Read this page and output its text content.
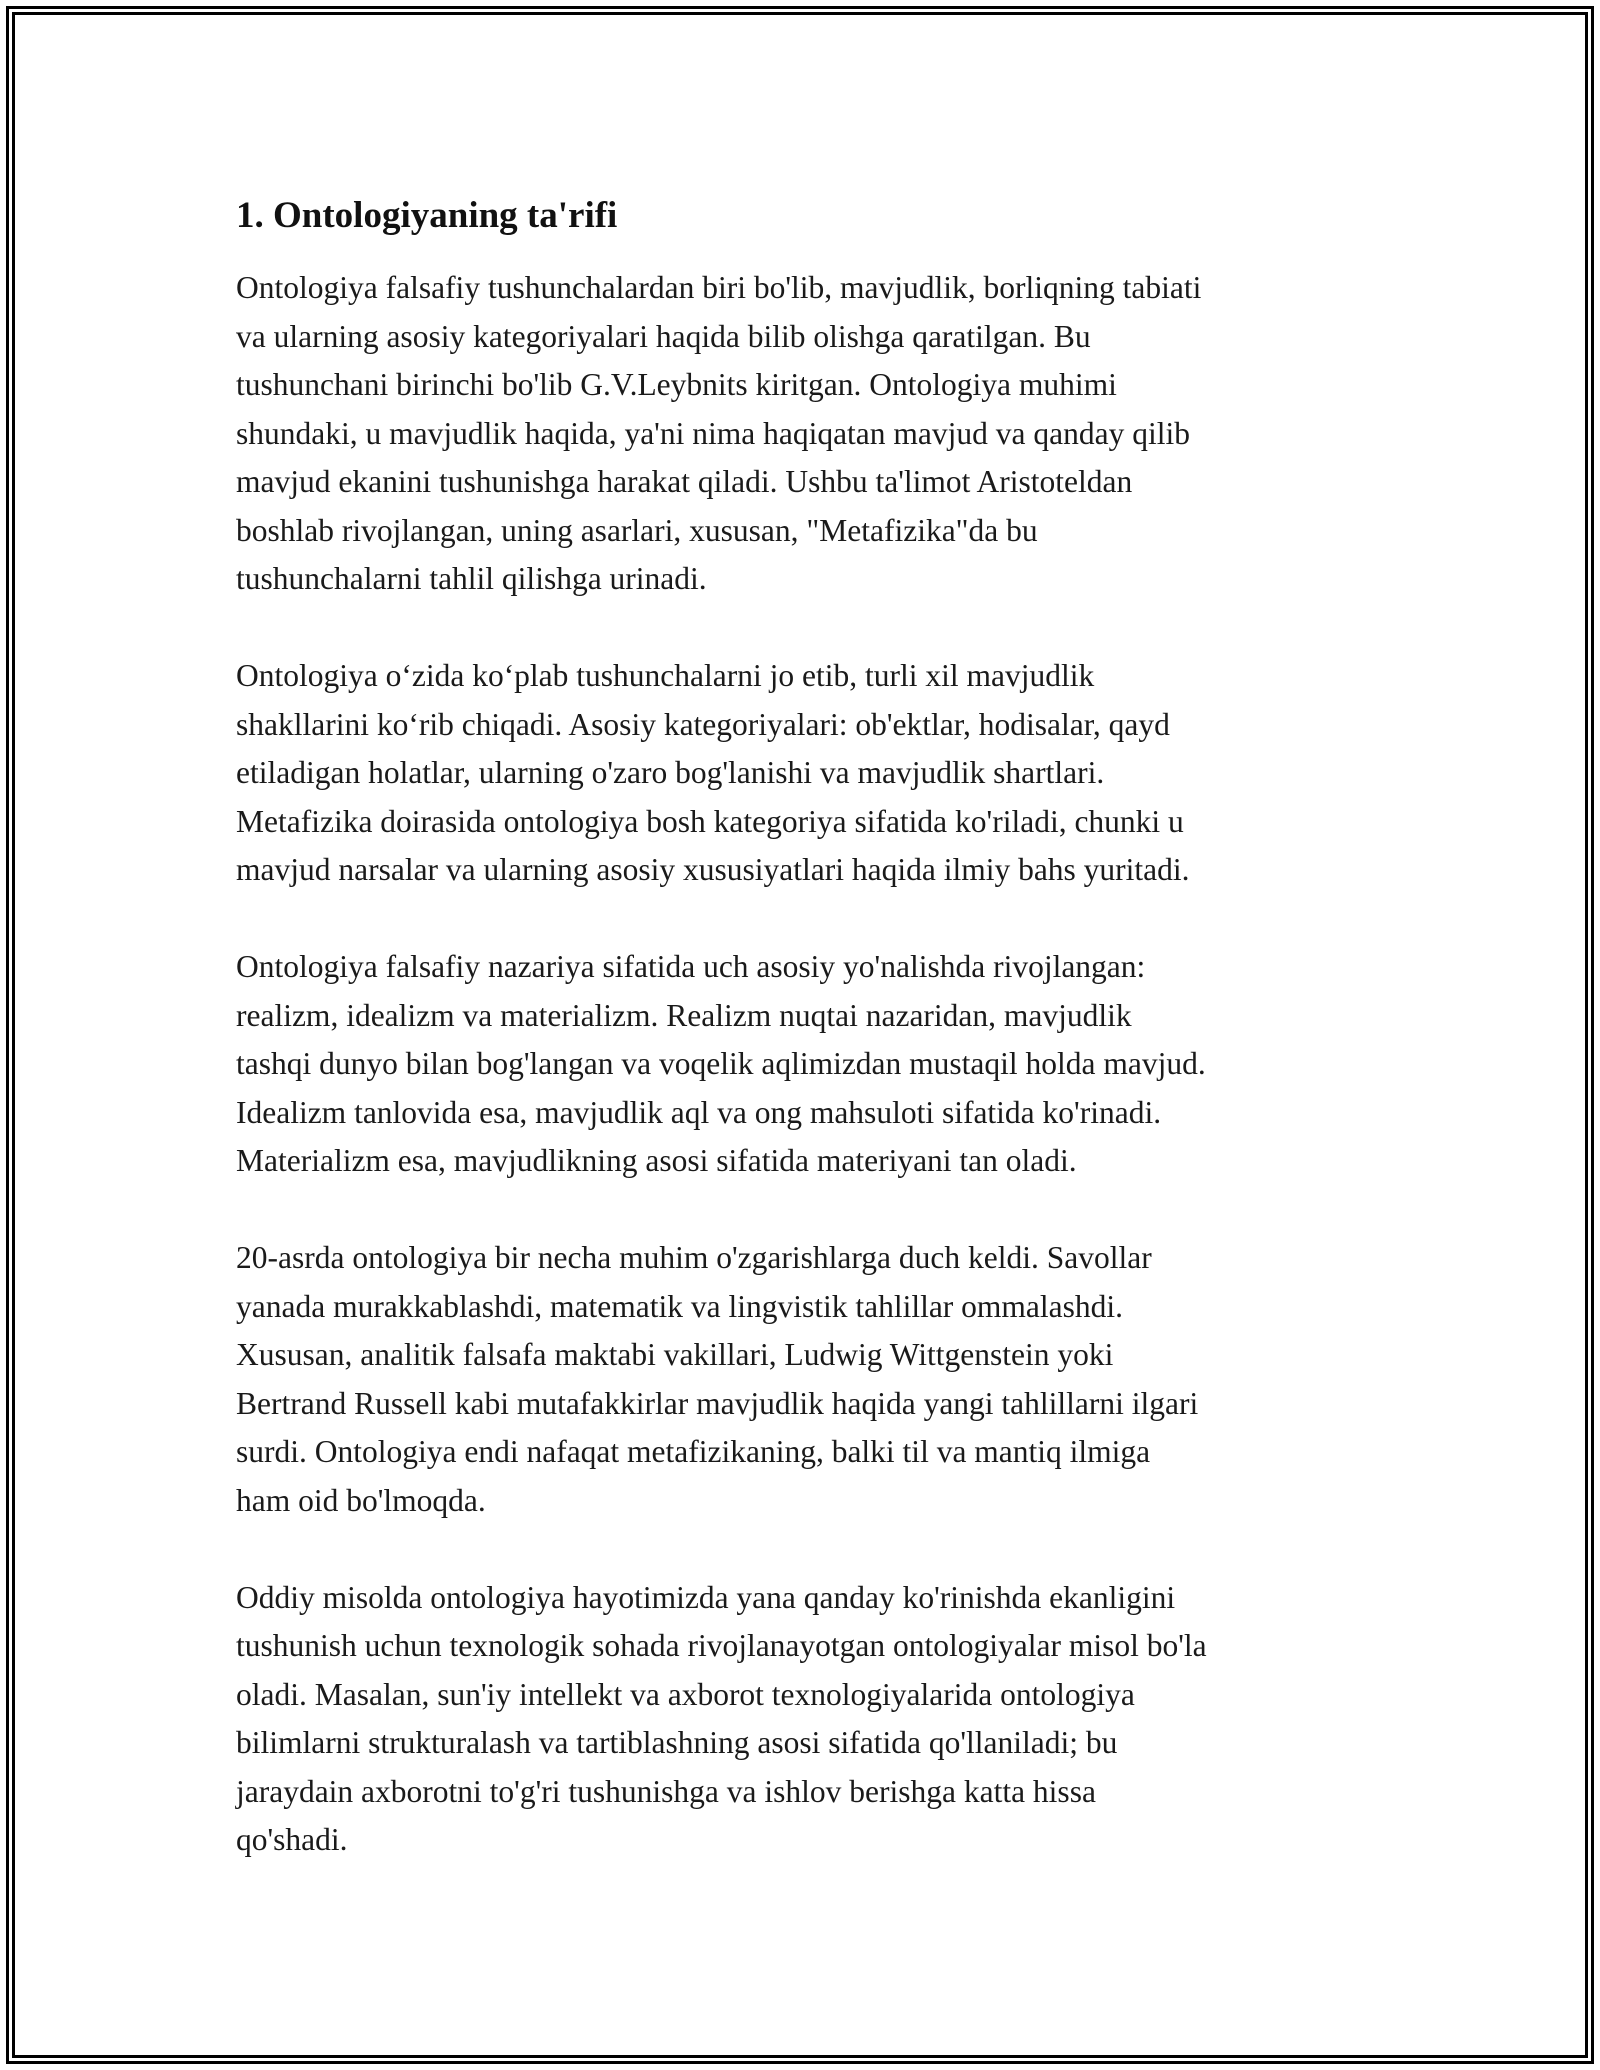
1. Ontologiyaning ta'rifi

Ontologiya falsafiy tushunchalardan biri bo'lib, mavjudlik, borliqning tabiati
va ularning asosiy kategoriyalari haqida bilib olishga qaratilgan. Bu
tushunchani birinchi bo'lib G.V.Leybnits kiritgan. Ontologiya muhimi
shundaki, u mavjudlik haqida, ya'ni nima haqiqatan mavjud va qanday qilib
mavjud ekanini tushunishga harakat qiladi. Ushbu ta'limot Aristoteldan
boshlab rivojlangan, uning asarlari, xususan, "Metafizika"da bu
tushunchalarni tahlil qilishga urinadi.

Ontologiya o‘zida ko‘plab tushunchalarni jo etib, turli xil mavjudlik
shakllarini ko‘rib chiqadi. Asosiy kategoriyalari: ob'ektlar, hodisalar, qayd
etiladigan holatlar, ularning o'zaro bog'lanishi va mavjudlik shartlari.
Metafizika doirasida ontologiya bosh kategoriya sifatida ko'riladi, chunki u
mavjud narsalar va ularning asosiy xususiyatlari haqida ilmiy bahs yuritadi.

Ontologiya falsafiy nazariya sifatida uch asosiy yo'nalishda rivojlangan:
realizm, idealizm va materializm. Realizm nuqtai nazaridan, mavjudlik
tashqi dunyo bilan bog'langan va voqelik aqlimizdan mustaqil holda mavjud.
Idealizm tanlovida esa, mavjudlik aql va ong mahsuloti sifatida ko'rinadi.
Materializm esa, mavjudlikning asosi sifatida materiyani tan oladi.

20-asrda ontologiya bir necha muhim o'zgarishlarga duch keldi. Savollar
yanada murakkablashdi, matematik va lingvistik tahlillar ommalashdi.
Xususan, analitik falsafa maktabi vakillari, Ludwig Wittgenstein yoki
Bertrand Russell kabi mutafakkirlar mavjudlik haqida yangi tahlillarni ilgari
surdi. Ontologiya endi nafaqat metafizikaning, balki til va mantiq ilmiga
ham oid bo'lmoqda.

Oddiy misolda ontologiya hayotimizda yana qanday ko'rinishda ekanligini
tushunish uchun texnologik sohada rivojlanayotgan ontologiyalar misol bo'la
oladi. Masalan, sun'iy intellekt va axborot texnologiyalarida ontologiya
bilimlarni strukturalash va tartiblashning asosi sifatida qo'llaniladi; bu
jaraydain axborotni to'g'ri tushunishga va ishlov berishga katta hissa
qo'shadi.
